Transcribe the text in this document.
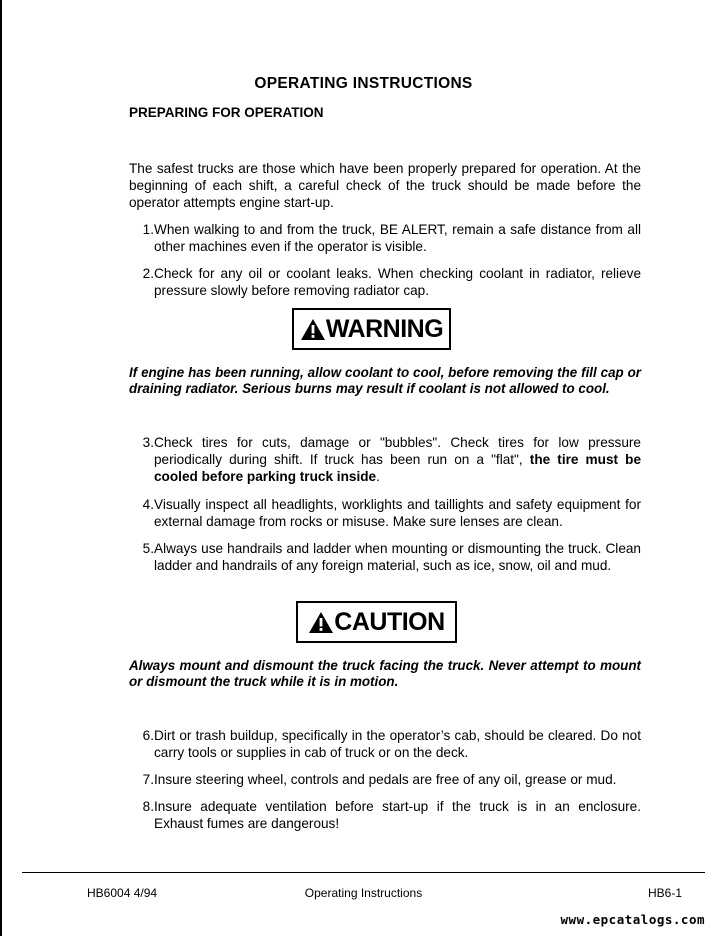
OPERATING INSTRUCTIONS
PREPARING FOR OPERATION
The safest trucks are those which have been properly prepared for operation. At the beginning of each shift, a careful check of the truck should be made before the operator attempts engine start-up.
1. When walking to and from the truck, BE ALERT, remain a safe distance from all other machines even if the operator is visible.
2. Check for any oil or coolant leaks. When checking coolant in radiator, relieve pressure slowly before removing radiator cap.
WARNING
If engine has been running, allow coolant to cool, before removing the fill cap or draining radiator. Serious burns may result if coolant is not allowed to cool.
3. Check tires for cuts, damage or "bubbles". Check tires for low pressure periodically during shift. If truck has been run on a "flat", the tire must be cooled before parking truck inside.
4. Visually inspect all headlights, worklights and taillights and safety equipment for external damage from rocks or misuse. Make sure lenses are clean.
5. Always use handrails and ladder when mounting or dismounting the truck. Clean ladder and handrails of any foreign material, such as ice, snow, oil and mud.
CAUTION
Always mount and dismount the truck facing the truck. Never attempt to mount or dismount the truck while it is in motion.
6. Dirt or trash buildup, specifically in the operator’s cab, should be cleared. Do not carry tools or supplies in cab of truck or on the deck.
7. Insure steering wheel, controls and pedals are free of any oil, grease or mud.
8. Insure adequate ventilation before start-up if the truck is in an enclosure. Exhaust fumes are dangerous!
HB6004 4/94	Operating Instructions	HB6-1
www.epcatalogs.com
